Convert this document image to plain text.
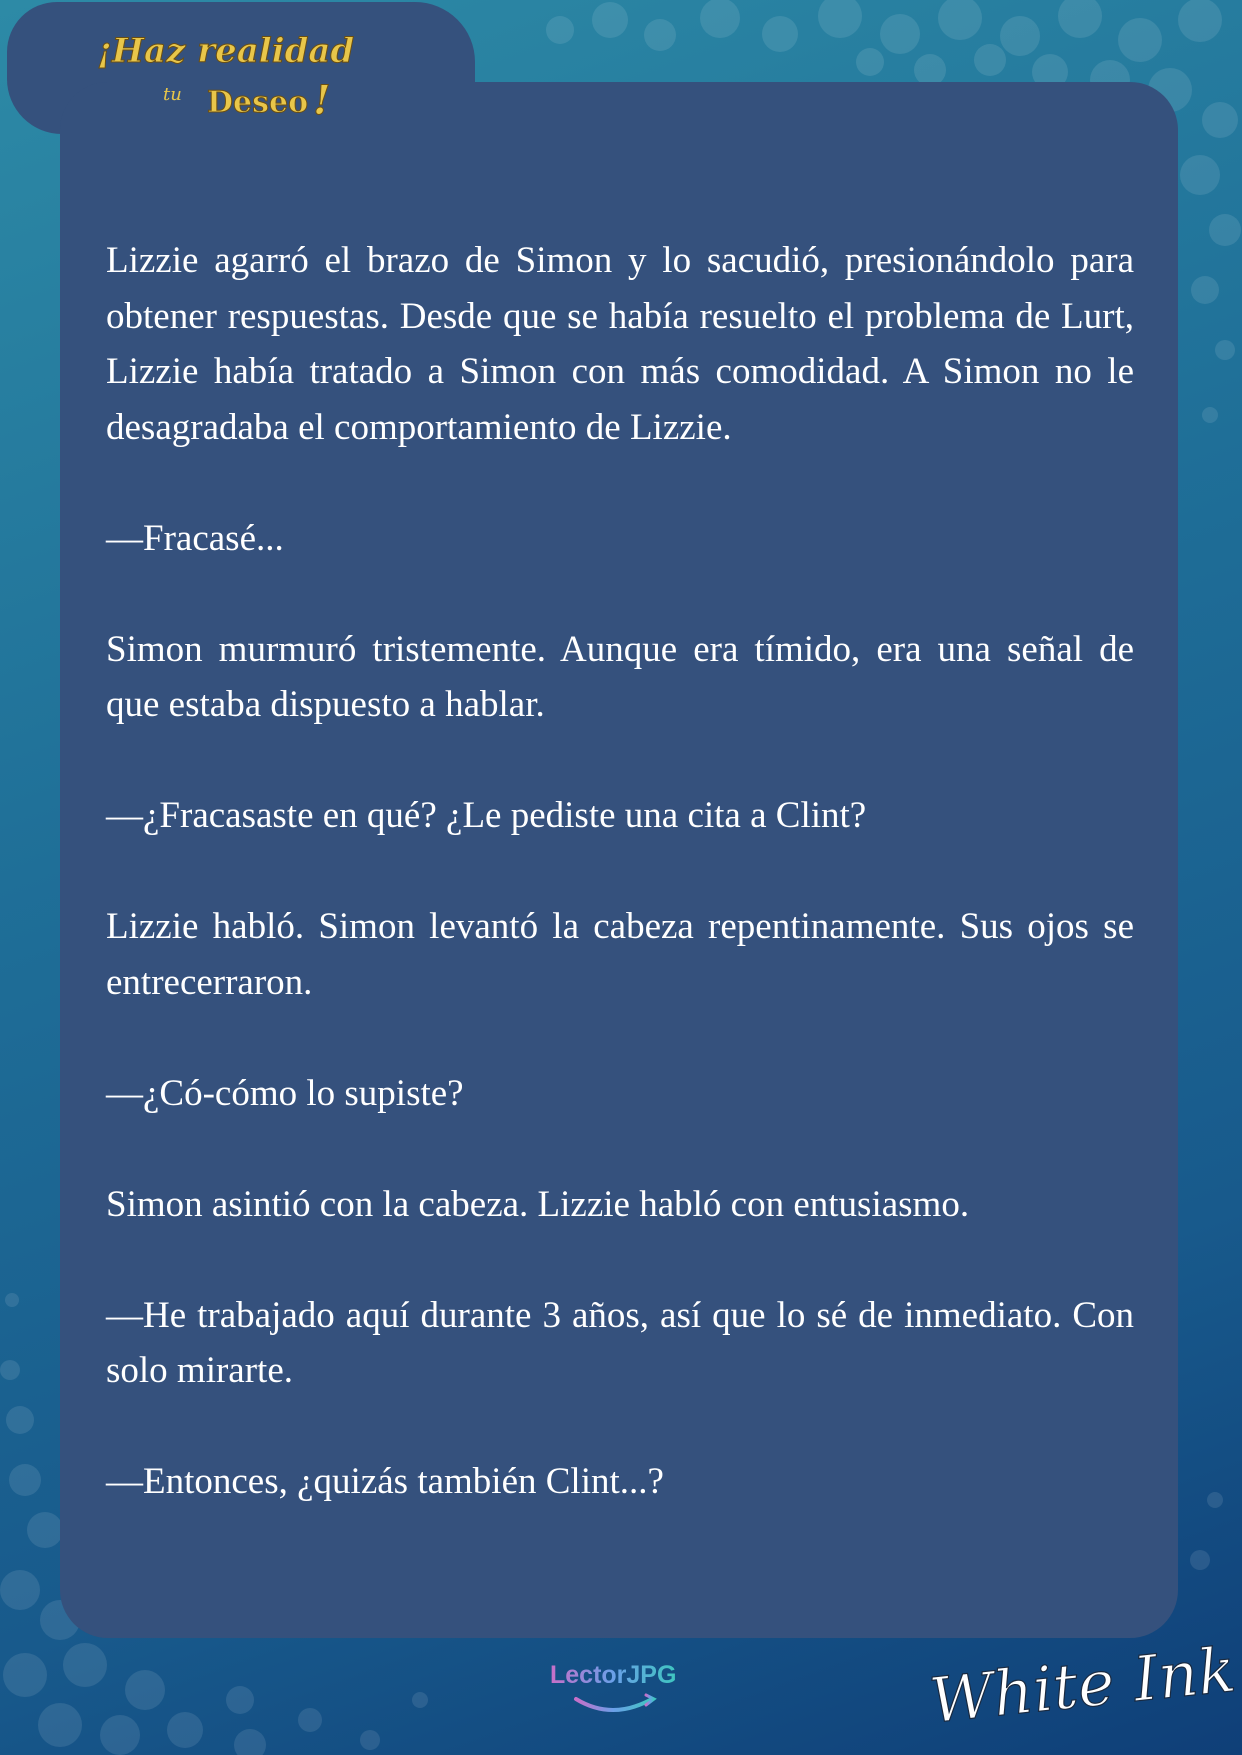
¡Haz realidad
tu Deseo !

Lizzie agarró el brazo de Simon y lo sacudió, presionándolo para obtener respuestas. Desde que se había resuelto el problema de Lurt, Lizzie había tratado a Simon con más comodidad. A Simon no le desagradaba el comportamiento de Lizzie.

—Fracasé...

Simon murmuró tristemente. Aunque era tímido, era una señal de que estaba dispuesto a hablar.

—¿Fracasaste en qué? ¿Le pediste una cita a Clint?

Lizzie habló. Simon levantó la cabeza repentinamente. Sus ojos se entrecerraron.

—¿Có-cómo lo supiste?

Simon asintió con la cabeza. Lizzie habló con entusiasmo.

—He trabajado aquí durante 3 años, así que lo sé de inmediato. Con solo mirarte.

—Entonces, ¿quizás también Clint...?

LectorJPG	White Ink
